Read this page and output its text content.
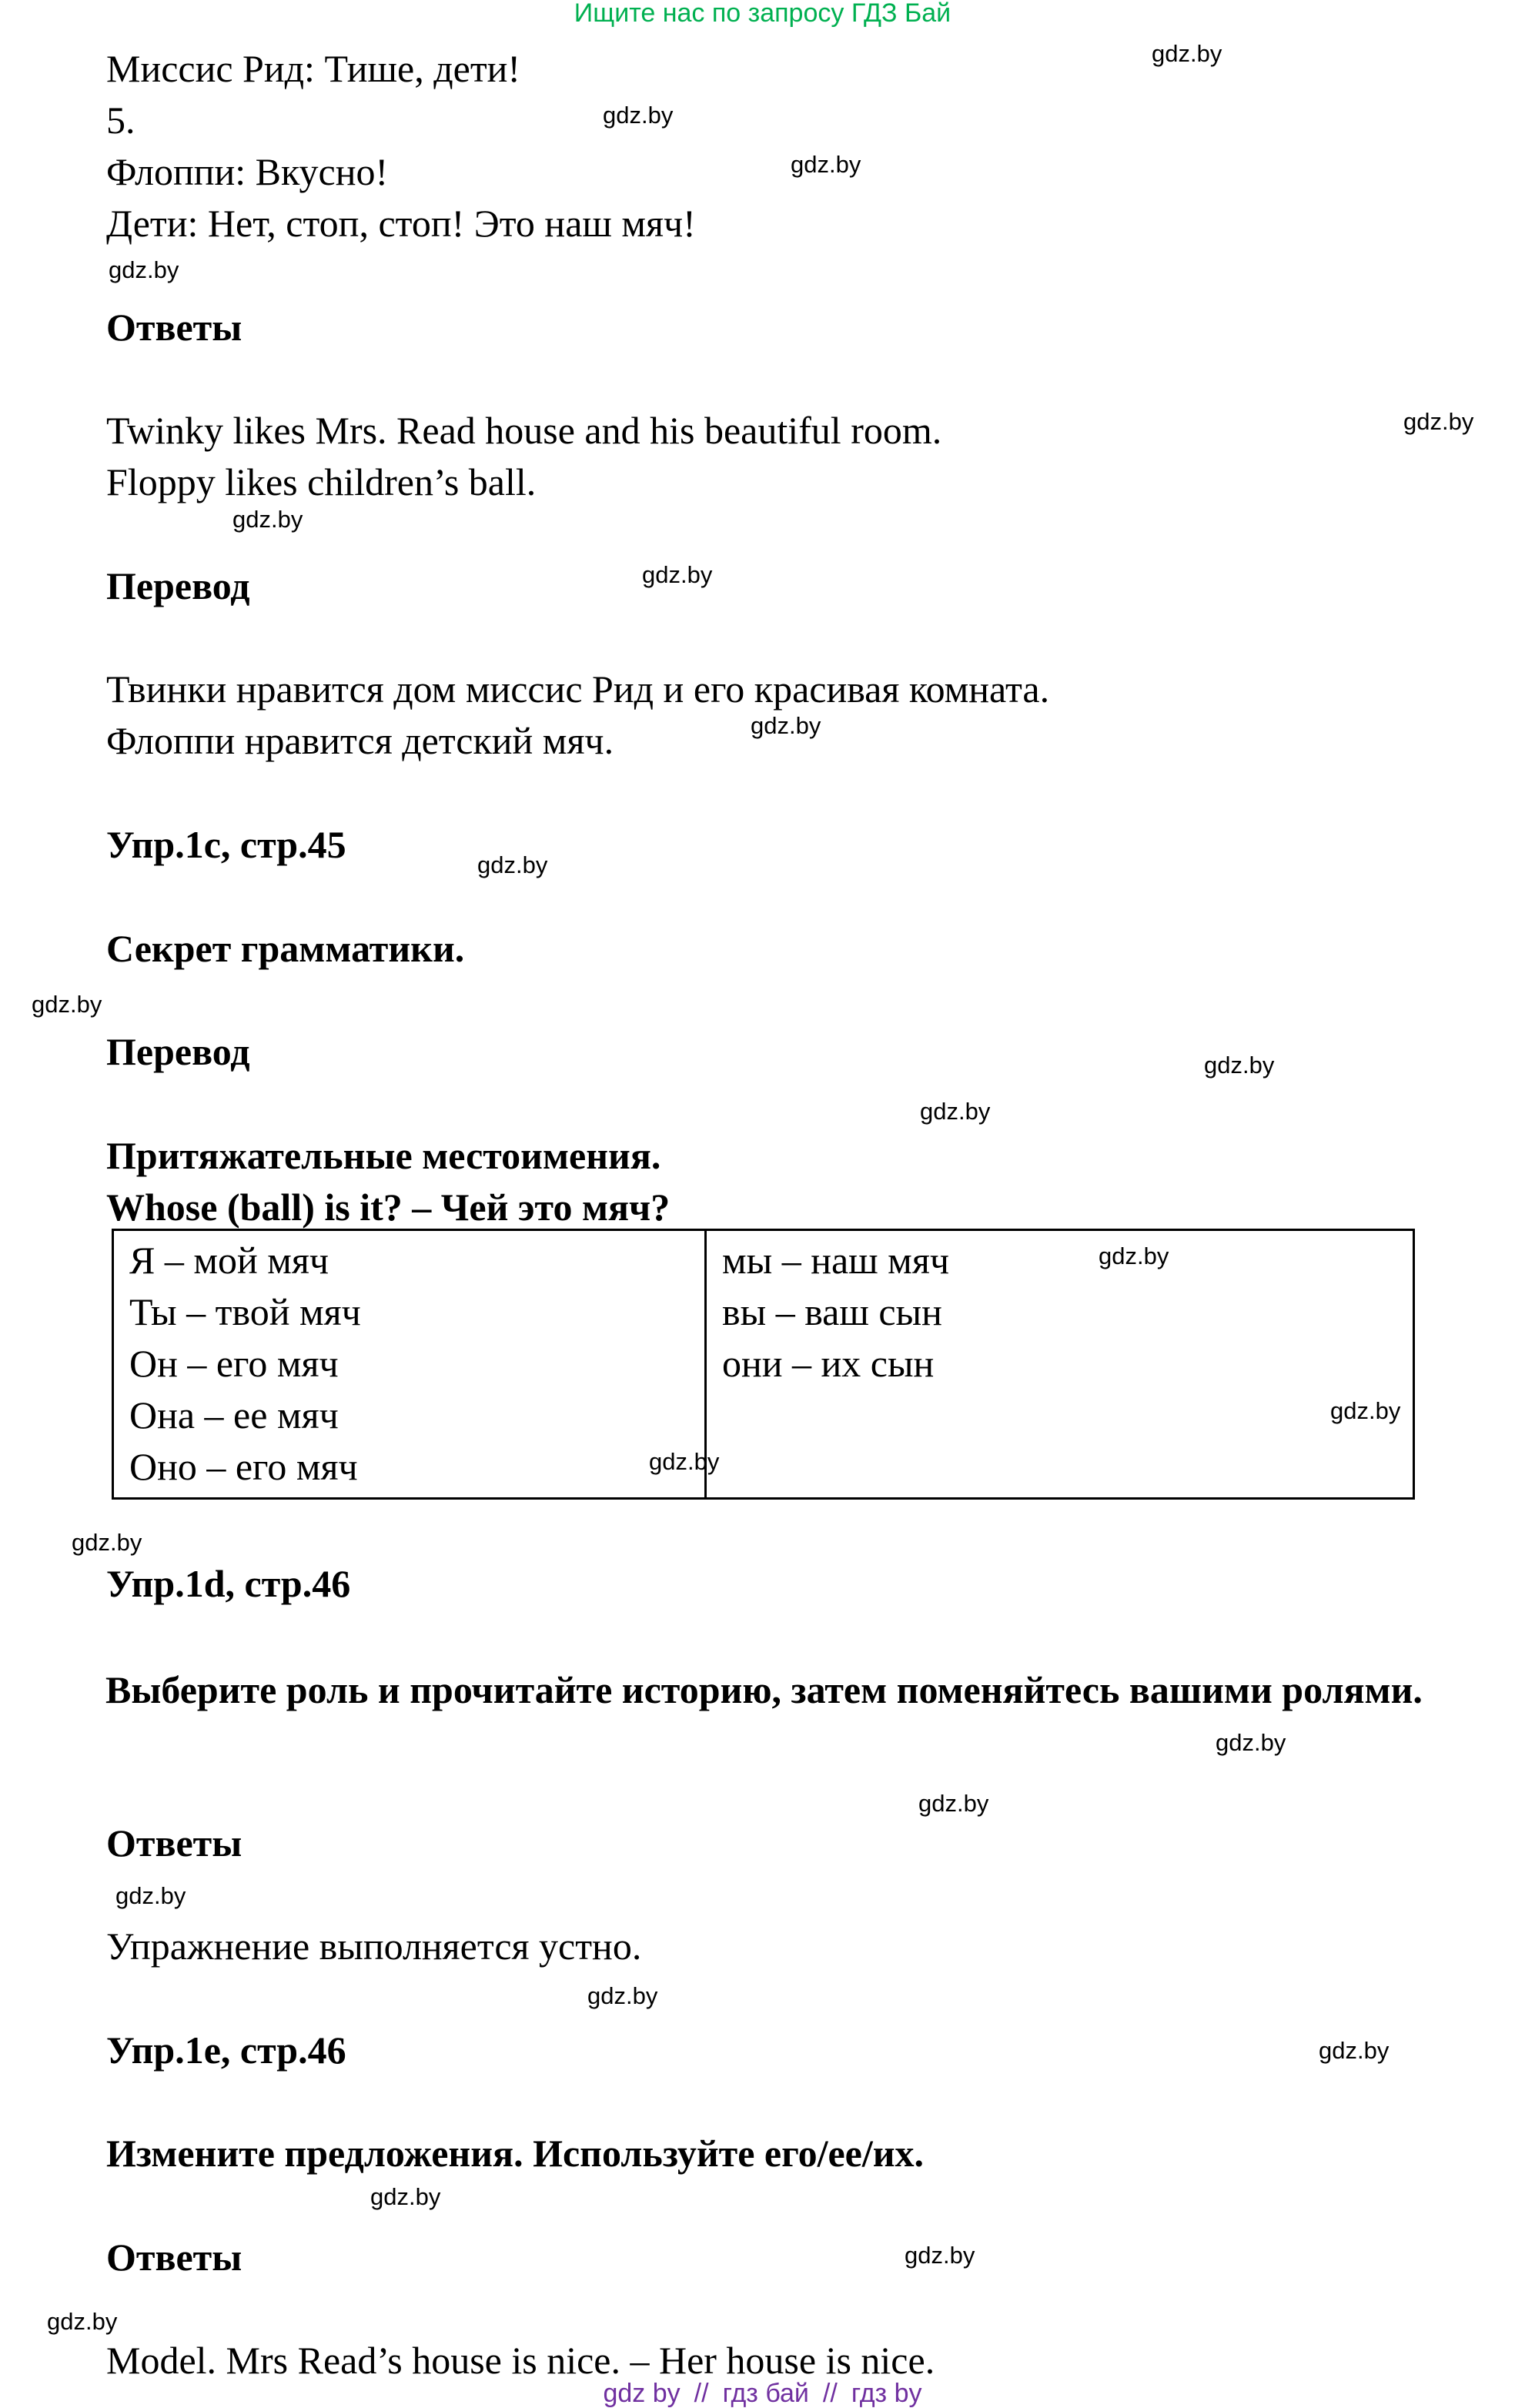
Ищите нас по запросу ГДЗ Бай
Миссис Рид: Тише, дети!
5.
Флоппи: Вкусно!
Дети: Нет, стоп, стоп! Это наш мяч!
Ответы
Twinky likes Mrs. Read house and his beautiful room.
Floppy likes children’s ball.
Перевод
Твинки нравится дом миссис Рид и его красивая комната.
Флоппи нравится детский мяч.
Упр.1c, стр.45
Секрет грамматики.
Перевод
Притяжательные местоимения.
Whose (ball) is it? – Чей это мяч?
Я – мой мяч
Ты – твой мяч
Он – его мяч
Она – ее мяч
Оно – его мяч
мы – наш мяч
вы – ваш сын
они – их сын
Упр.1d, стр.46
Выберите роль и прочитайте историю, затем поменяйтесь вашими ролями.
Ответы
Упражнение выполняется устно.
Упр.1e, стр.46
Измените предложения. Используйте его/ее/их.
Ответы
Model. Mrs Read’s house is nice. – Her house is nice.
gdz.by
gdz.by
gdz.by
gdz.by
gdz.by
gdz.by
gdz.by
gdz.by
gdz.by
gdz.by
gdz.by
gdz.by
gdz.by
gdz.by
gdz.by
gdz.by
gdz.by
gdz.by
gdz.by
gdz.by
gdz.by
gdz.by
gdz.by
gdz.by
gdz by // гдз бай // гдз by
